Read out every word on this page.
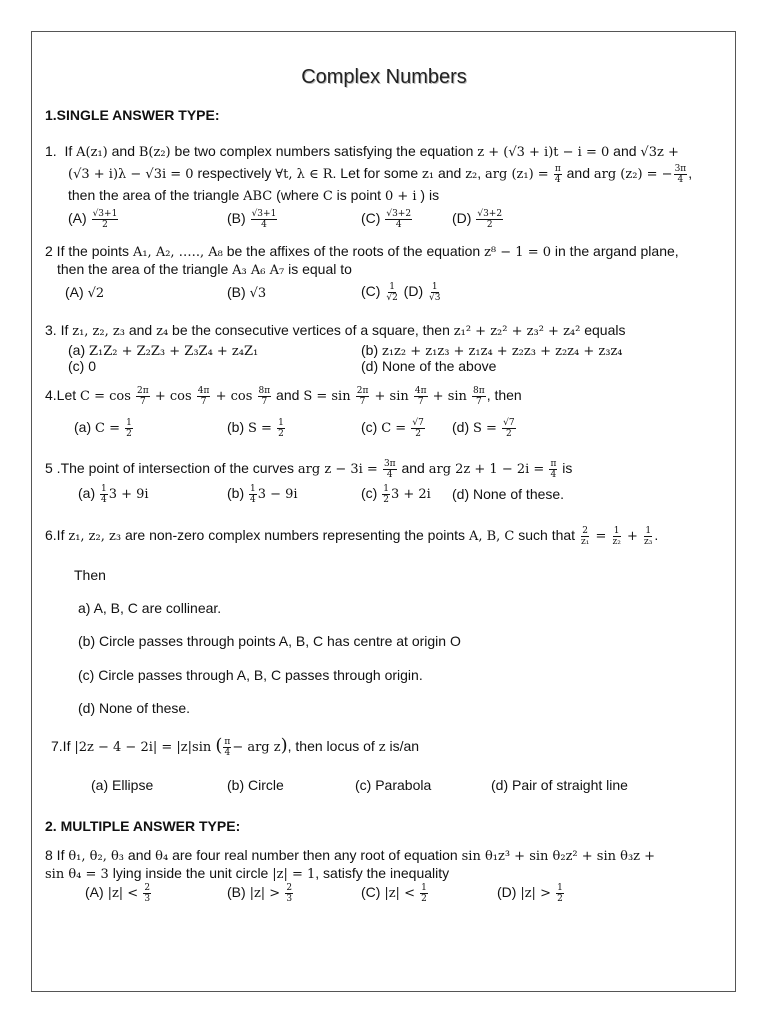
Complex Numbers
1.SINGLE ANSWER TYPE:
1. If A(z₁) and B(z₂) be two complex numbers satisfying the equation z + (√3 + i)t − i = 0 and √3z +
(√3 + i)λ − √3i = 0 respectively ∀t, λ ∈ R. Let for some z₁ and z₂, arg $(z_1) = \frac{\pi}{4}$ and arg (z₂) = − $\frac{3\pi}{4}$ ,
then the area of the triangle ABC (where C is point 0 + i ) is
$(A) \frac{√3+1}{2}$	$(B) \frac{√3+1}{4}$	$(C) \frac{√3+2}{4}$	$(D) \frac{√3+2}{2}$
2 If the points A₁, A₂, ….., A₈ be the affixes of the roots of the equation z⁸ − 1 = 0 in the argand plane,
then the area of the triangle A₃ A₆ A₇ is equal to
(A) √2	(B) √3	$(C) \frac{1}{√2} (D) \frac{1}{√3}$
3. If z₁, z₂, z₃ and z₄ be the consecutive vertices of a square, then z₁² + z₂² + z₃² + z₄² equals
(a) Z₁Z₂ + Z₂Z₃ + Z₃Z₄ + z₄Z₁	(b) z₁z₂ + z₁z₃ + z₁z₄ + z₂z₃ + z₂z₄ + z₃z₄
(c) 0	(d) None of the above
4.Let $C = \cos \frac{2\pi}{7} + \cos \frac{4\pi}{7} + \cos \frac{8\pi}{7}$ and $S = \sin \frac{2\pi}{7} + \sin \frac{4\pi}{7} + \sin \frac{8\pi}{7}$ , then
(a) $C = \frac{1}{2}$	(b) $S = \frac{1}{2}$	(c) $C = \frac{√7}{2} (d) S = \frac{√7}{2}$
5 .The point of intersection of the curves arg $z - 3i = \frac{3\pi}{4}$ and arg $2z + 1 - 2i = \frac{\pi}{4}$ is
$(a) \frac{1}{4} 3 + 9i$	$(b) \frac{1}{4} 3 - 9i$	$(c) \frac{1}{2} 3 + 2i$ (d) None of these.
6.If z₁, z₂, z₃ are non-zero complex numbers representing the points A, B, C such that $\frac{2}{\text{z₁}} = \frac{1}{\text{z₂}} + \frac{1}{\text{z₃}}$ .
Then
a) A, B, C are collinear.
(b) Circle passes through points A, B, C has centre at origin O
(c) Circle passes through A, B, C passes through origin.
(d) None of these.
7.If |2z − 4 − 2i| = |z|sin ( $\frac{\pi}{4}$ − arg z), then locus of z is/an
(a) Ellipse	(b) Circle	(c) Parabola	(d) Pair of straight line
2. MULTIPLE ANSWER TYPE:
8 If θ₁, θ₂, θ₃ and θ₄ are four real number then any root of equation sin θ₁z³ + sin θ₂z² + sin θ₃z +
sin θ₄ = 3 lying inside the unit circle |z| = 1, satisfy the inequality
(A) $|z| < \frac{2}{3}$	(B) $|z| > \frac{2}{3}$	(C) $|z| < \frac{1}{2}$	(D) $|z| > \frac{1}{2}$
